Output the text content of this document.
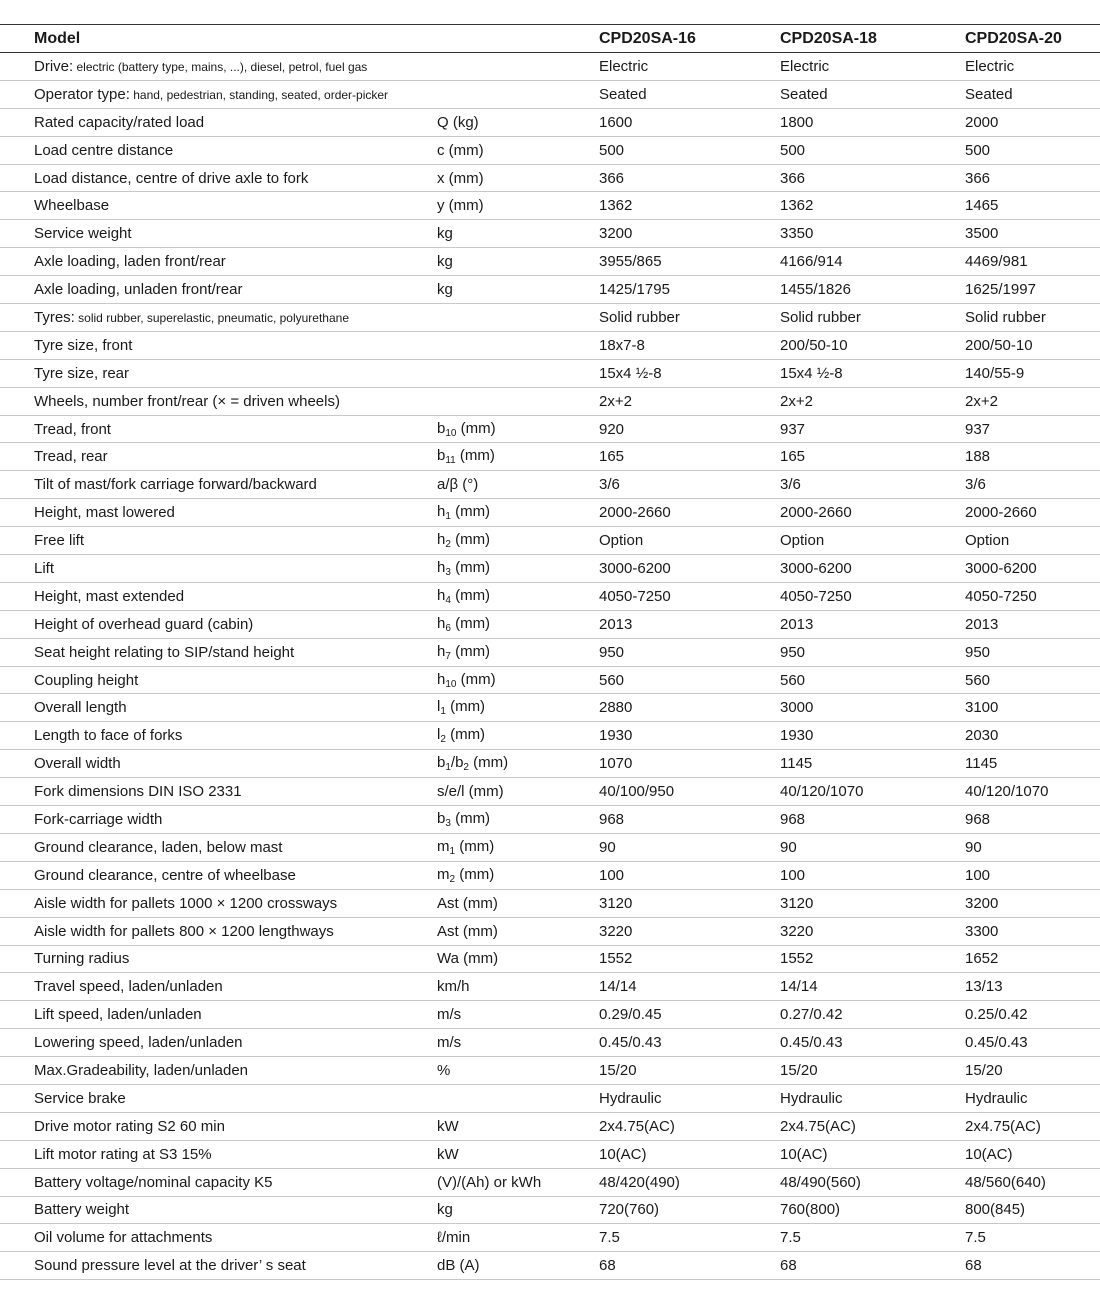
Model		CPD20SA-16	CPD20SA-18	CPD20SA-20
Drive: electric (battery type, mains, ...), diesel, petrol, fuel gas		Electric	Electric	Electric
Operator type: hand, pedestrian, standing, seated, order-picker		Seated	Seated	Seated
Rated capacity/rated load	Q (kg)	1600	1800	2000
Load centre distance	c (mm)	500	500	500
Load distance, centre of drive axle to fork	x (mm)	366	366	366
Wheelbase	y (mm)	1362	1362	1465
Service weight	kg	3200	3350	3500
Axle loading, laden front/rear	kg	3955/865	4166/914	4469/981
Axle loading, unladen front/rear	kg	1425/1795	1455/1826	1625/1997
Tyres: solid rubber, superelastic, pneumatic, polyurethane		Solid rubber	Solid rubber	Solid rubber
Tyre size, front		18x7-8	200/50-10	200/50-10
Tyre size, rear		15x4 ½-8	15x4 ½-8	140/55-9
Wheels, number front/rear (× = driven wheels)		2x+2	2x+2	2x+2
Tread, front	$b_{10}$ (mm)	920	937	937
Tread, rear	$b_{11}$ (mm)	165	165	188
Tilt of mast/fork carriage forward/backward	a/β (°)	3/6	3/6	3/6
Height, mast lowered	$h_1$ (mm)	2000-2660	2000-2660	2000-2660
Free lift	$h_2$ (mm)	Option	Option	Option
Lift	$h_3$ (mm)	3000-6200	3000-6200	3000-6200
Height, mast extended	$h_4$ (mm)	4050-7250	4050-7250	4050-7250
Height of overhead guard (cabin)	$h_6$ (mm)	2013	2013	2013
Seat height relating to SIP/stand height	$h_7$ (mm)	950	950	950
Coupling height	$h_{10}$ (mm)	560	560	560
Overall length	$l_1$ (mm)	2880	3000	3100
Length to face of forks	$l_2$ (mm)	1930	1930	2030
Overall width	$b_1/b_2$ (mm)	1070	1145	1145
Fork dimensions DIN ISO 2331	s/e/l (mm)	40/100/950	40/120/1070	40/120/1070
Fork-carriage width	$b_3$ (mm)	968	968	968
Ground clearance, laden, below mast	$m_1$ (mm)	90	90	90
Ground clearance, centre of wheelbase	$m_2$ (mm)	100	100	100
Aisle width for pallets 1000 × 1200 crossways	Ast (mm)	3120	3120	3200
Aisle width for pallets 800 × 1200 lengthways	Ast (mm)	3220	3220	3300
Turning radius	Wa (mm)	1552	1552	1652
Travel speed, laden/unladen	km/h	14/14	14/14	13/13
Lift speed, laden/unladen	m/s	0.29/0.45	0.27/0.42	0.25/0.42
Lowering speed, laden/unladen	m/s	0.45/0.43	0.45/0.43	0.45/0.43
Max.Gradeability, laden/unladen	%	15/20	15/20	15/20
Service brake		Hydraulic	Hydraulic	Hydraulic
Drive motor rating S2 60 min	kW	2x4.75(AC)	2x4.75(AC)	2x4.75(AC)
Lift motor rating at S3 15%	kW	10(AC)	10(AC)	10(AC)
Battery voltage/nominal capacity K5	(V)/(Ah) or kWh	48/420(490)	48/490(560)	48/560(640)
Battery weight	kg	720(760)	760(800)	800(845)
Oil volume for attachments	ℓ/min	7.5	7.5	7.5
Sound pressure level at the driver’ s seat	dB (A)	68	68	68
